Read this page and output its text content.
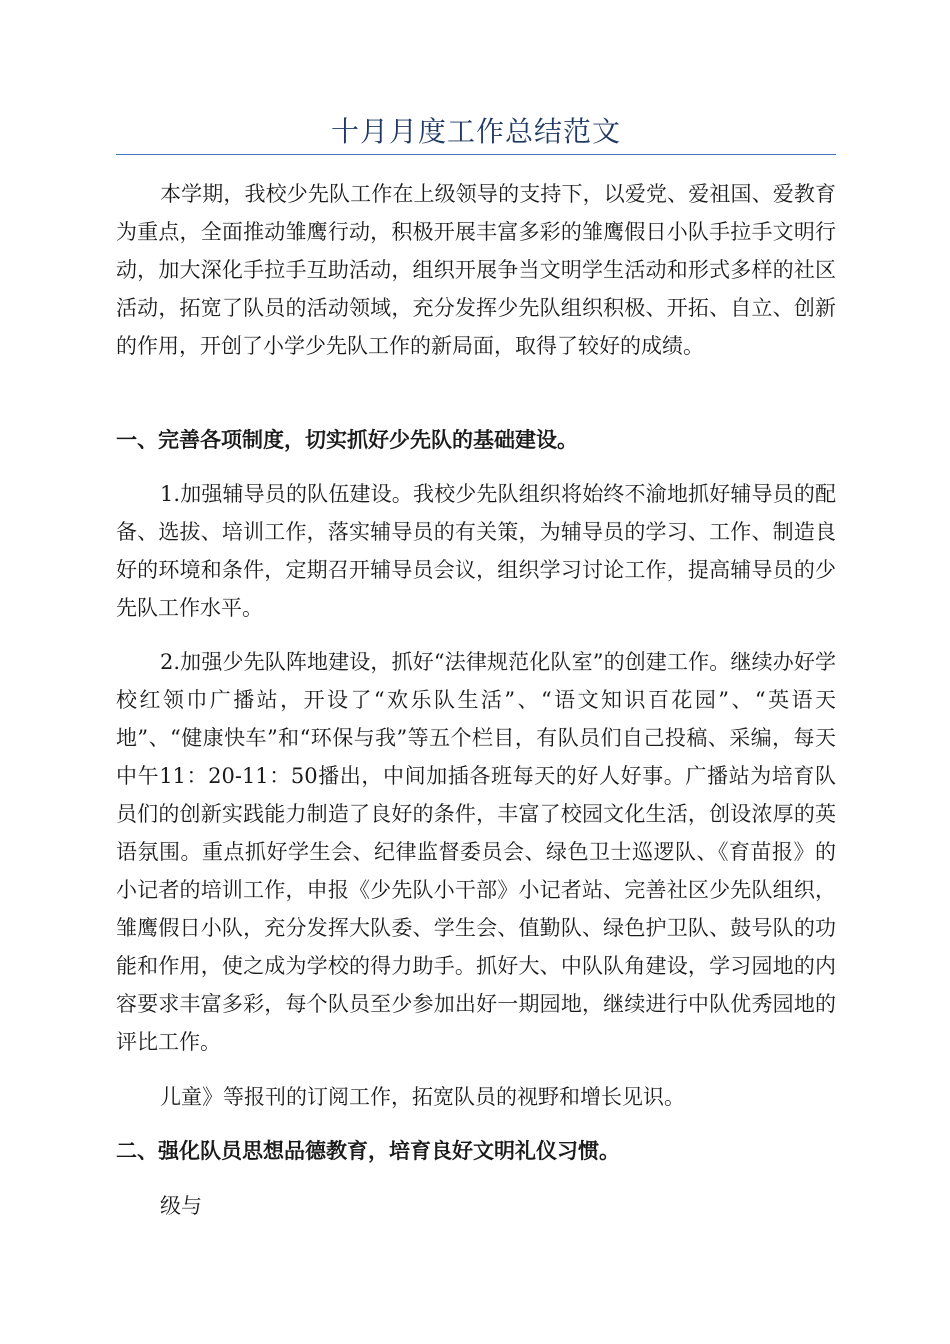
十月月度工作总结范文

本学期，我校少先队工作在上级领导的支持下，以爱党、爱祖国、爱教育为重点，全面推动雏鹰行动，积极开展丰富多彩的雏鹰假日小队手拉手文明行动，加大深化手拉手互助活动，组织开展争当文明学生活动和形式多样的社区活动，拓宽了队员的活动领域，充分发挥少先队组织积极、开拓、自立、创新的作用，开创了小学少先队工作的新局面，取得了较好的成绩。

一、完善各项制度，切实抓好少先队的基础建设。

1.加强辅导员的队伍建设。我校少先队组织将始终不渝地抓好辅导员的配备、选拔、培训工作，落实辅导员的有关策，为辅导员的学习、工作、制造良好的环境和条件，定期召开辅导员会议，组织学习讨论工作，提高辅导员的少先队工作水平。

2.加强少先队阵地建设，抓好“法律规范化队室”的创建工作。继续办好学校红领巾广播站，开设了“欢乐队生活”、“语文知识百花园”、“英语天地”、“健康快车”和“环保与我”等五个栏目，有队员们自己投稿、采编，每天中午11：20-11：50播出，中间加插各班每天的好人好事。广播站为培育队员们的创新实践能力制造了良好的条件，丰富了校园文化生活，创设浓厚的英语氛围。重点抓好学生会、纪律监督委员会、绿色卫士巡逻队、《育苗报》的小记者的培训工作，申报《少先队小干部》小记者站、完善社区少先队组织，雏鹰假日小队，充分发挥大队委、学生会、值勤队、绿色护卫队、鼓号队的功能和作用，使之成为学校的得力助手。抓好大、中队队角建设，学习园地的内容要求丰富多彩，每个队员至少参加出好一期园地，继续进行中队优秀园地的评比工作。

儿童》等报刊的订阅工作，拓宽队员的视野和增长见识。

二、强化队员思想品德教育，培育良好文明礼仪习惯。

级与
